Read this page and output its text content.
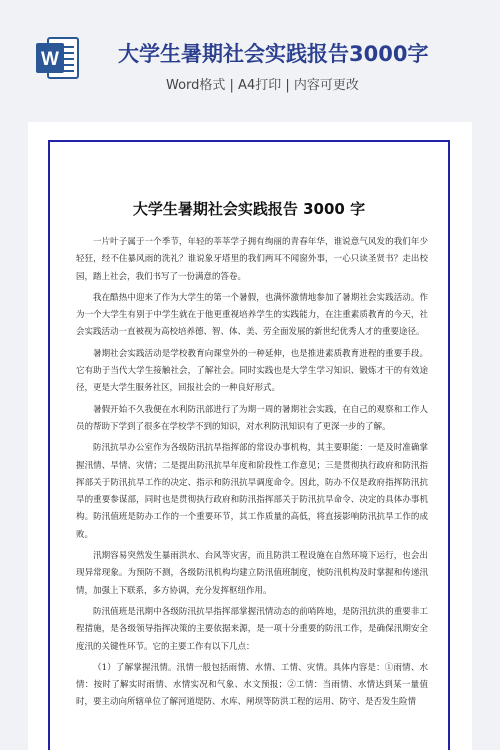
W	大学生暑期社会实践报告3000字
Word格式 | A4打印 | 内容可更改
大学生暑期社会实践报告 3000 字

一片叶子属于一个季节，年轻的莘莘学子拥有绚丽的青春年华，谁说意气风发的我们年少轻狂，经不住暴风雨的洗礼？谁说象牙塔里的我们两耳不闻窗外事，一心只读圣贤书？走出校园，踏上社会，我们书写了一份满意的答卷。

我在酷热中迎来了作为大学生的第一个暑假，也满怀激情地参加了暑期社会实践活动。作为一个大学生有别于中学生就在于他更重视培养学生的实践能力，在注重素质教育的今天，社会实践活动一直被视为高校培养德、智、体、美、劳全面发展的新世纪优秀人才的重要途径。

暑期社会实践活动是学校教育向课堂外的一种延伸，也是推进素质教育进程的重要手段。它有助于当代大学生接触社会，了解社会。同时实践也是大学生学习知识、锻炼才干的有效途径，更是大学生服务社区，回报社会的一种良好形式。

暑假开始不久我便在水利防汛部进行了为期一周的暑期社会实践，在自己的观察和工作人员的帮助下学到了很多在学校学不到的知识，对水利防汛知识有了更深一步的了解。

防汛抗旱办公室作为各级防汛抗旱指挥部的常设办事机构，其主要职能：一是及时准确掌握汛情、旱情、灾情；二是提出防汛抗旱年度和阶段性工作意见；三是贯彻执行政府和防汛指挥部关于防汛抗旱工作的决定、指示和防汛抗旱调度命令。因此，防办不仅是政府指挥防汛抗旱的重要参谋部，同时也是贯彻执行政府和防汛指挥部关于防汛抗旱命令、决定的具体办事机构。防汛值班是防办工作的一个重要环节，其工作质量的高低，将直接影响防汛抗旱工作的成败。

汛期容易突然发生暴雨洪水、台风等灾害，而且防洪工程设施在自然环境下运行，也会出现异常现象。为预防不测，各级防汛机构均建立防汛值班制度，使防汛机构及时掌握和传递汛情，加强上下联系，多方协调，充分发挥枢纽作用。

防汛值班是汛期中各级防汛抗旱指挥部掌握汛情动态的前哨阵地，是防汛抗洪的重要非工程措施，是各级领导指挥决策的主要依据来源，是一项十分重要的防汛工作，是确保汛期安全度汛的关键性环节。它的主要工作有以下几点：

（1）了解掌握汛情。汛情一般包括雨情、水情、工情、灾情。具体内容是：①雨情、水情：按时了解实时雨情、水情实况和气象、水文预报；②工情：当雨情、水情达到某一量值时，要主动向所辖单位了解河道堤防、水库、闸坝等防洪工程的运用、防守、是否发生险情
